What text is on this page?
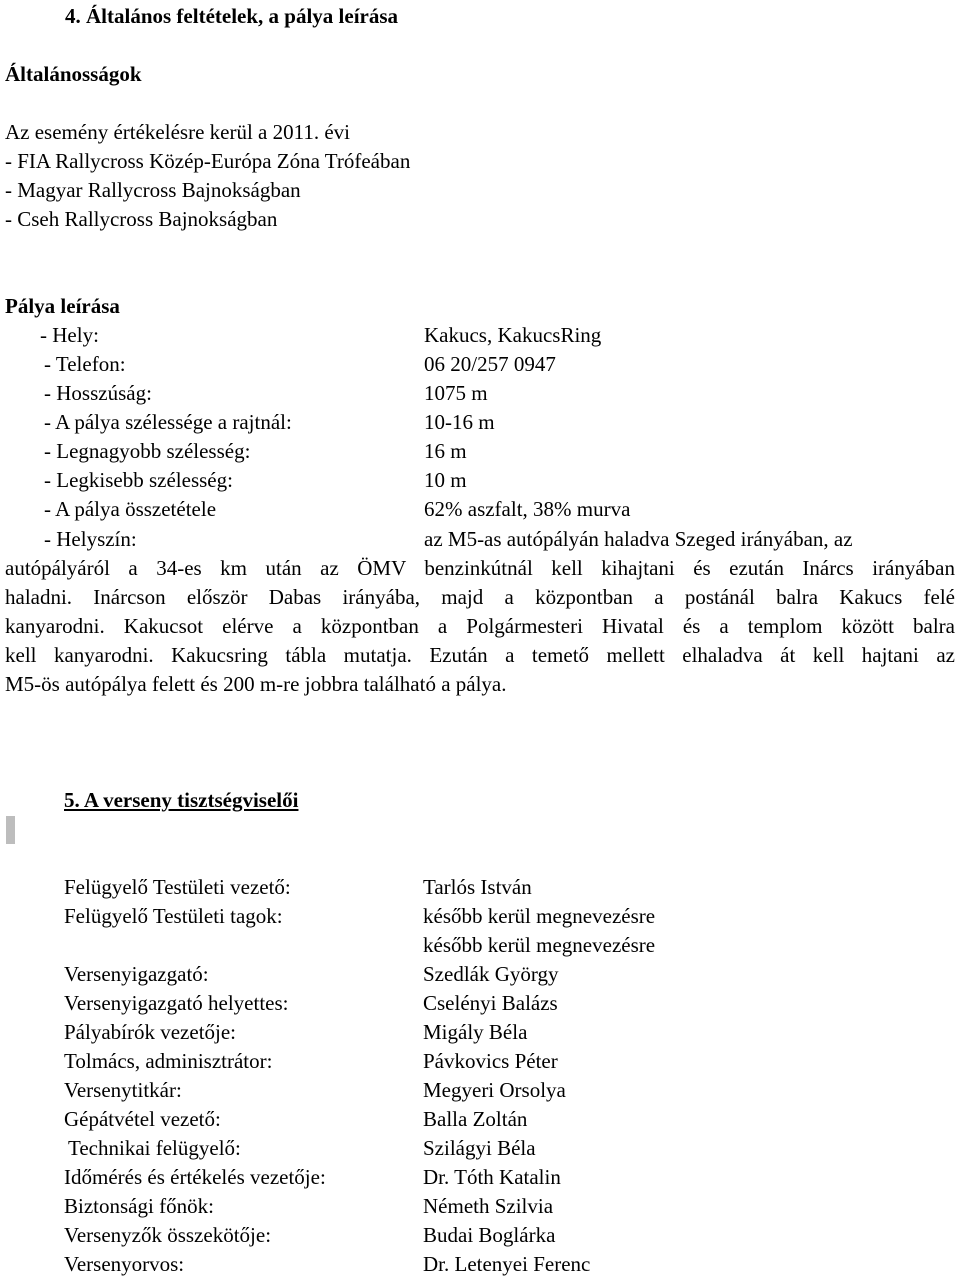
4. Általános feltételek, a pálya leírása
Általánosságok
Az esemény értékelésre kerül a 2011. évi
- FIA Rallycross Közép-Európa Zóna Trófeában
- Magyar Rallycross Bajnokságban
- Cseh Rallycross Bajnokságban
Pálya leírása
- Hely:	Kakucs, KakucsRing
- Telefon:	06 20/257 0947
- Hosszúság:	1075 m
- A pálya szélessége a rajtnál:	10-16 m
- Legnagyobb szélesség:	16 m
- Legkisebb szélesség:	10 m
- A pálya összetétele	62% aszfalt, 38% murva
- Helyszín:	az M5-as autópályán haladva Szeged irányában, az
autópályáról a 34-es km után az ÖMV benzinkútnál kell kihajtani és ezután Inárcs irányában
haladni. Inárcson először Dabas irányába, majd a központban a postánál balra Kakucs felé
kanyarodni. Kakucsot elérve a központban a Polgármesteri Hivatal és a templom között balra
kell kanyarodni. Kakucsring tábla mutatja. Ezután a temető mellett elhaladva át kell hajtani az
M5-ös autópálya felett és 200 m-re jobbra található a pálya.
5. A verseny tisztségviselői
Felügyelő Testületi vezető:	Tarlós István
Felügyelő Testületi tagok:	később kerül megnevezésre
később kerül megnevezésre
Versenyigazgató:	Szedlák György
Versenyigazgató helyettes:	Cselényi Balázs
Pályabírók vezetője:	Migály Béla
Tolmács, adminisztrátor:	Pávkovics Péter
Versenytitkár:	Megyeri Orsolya
Gépátvétel vezető:	Balla Zoltán
Technikai felügyelő:	Szilágyi Béla
Időmérés és értékelés vezetője:	Dr. Tóth Katalin
Biztonsági főnök:	Németh Szilvia
Versenyzők összekötője:	Budai Boglárka
Versenyorvos:	Dr. Letenyei Ferenc
